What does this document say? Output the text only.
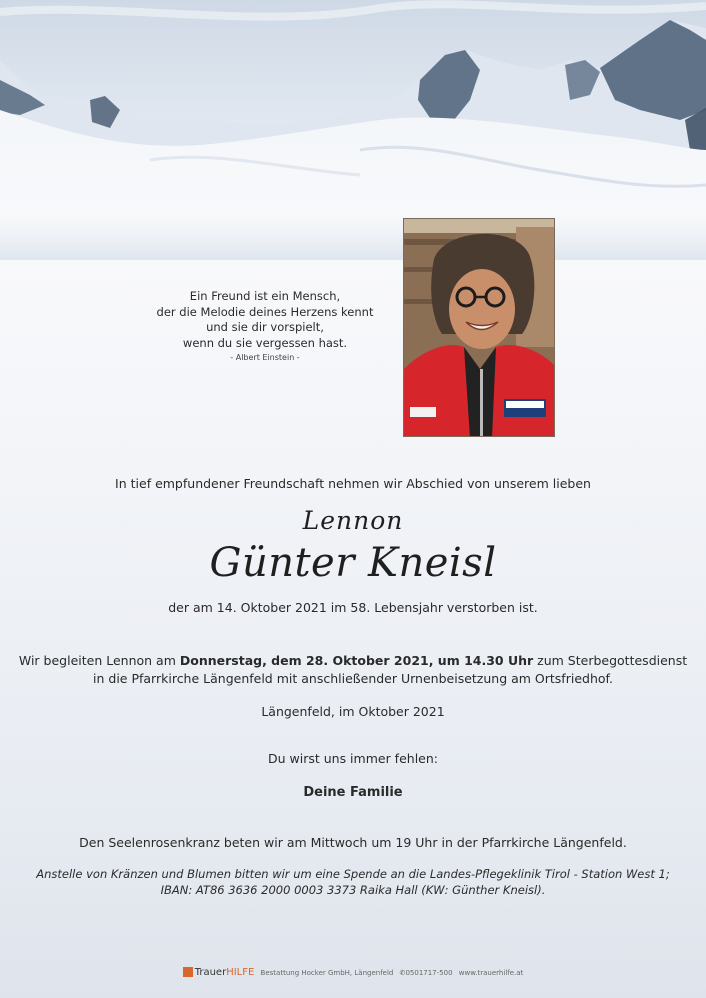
Ein Freund ist ein Mensch,
der die Melodie deines Herzens kennt
und sie dir vorspielt,
wenn du sie vergessen hast.
- Albert Einstein -
In tief empfundener Freundschaft nehmen wir Abschied von unserem lieben
Lennon
Günter Kneisl
der am 14. Oktober 2021 im 58. Lebensjahr verstorben ist.
Wir begleiten Lennon am Donnerstag, dem 28. Oktober 2021, um 14.30 Uhr zum Sterbegottesdienst
in die Pfarrkirche Längenfeld mit anschließender Urnenbeisetzung am Ortsfriedhof.
Längenfeld, im Oktober 2021
Du wirst uns immer fehlen:
Deine Familie
Den Seelenrosenkranz beten wir am Mittwoch um 19 Uhr in der Pfarrkirche Längenfeld.
Anstelle von Kränzen und Blumen bitten wir um eine Spende an die Landes-Pflegeklinik Tirol - Station West 1;
IBAN: AT86 3636 2000 0003 3373 Raika Hall (KW: Günther Kneisl).
TrauerHILFE Bestattung Hocker GmbH, Längenfeld ✆0501717-500 www.trauerhilfe.at
